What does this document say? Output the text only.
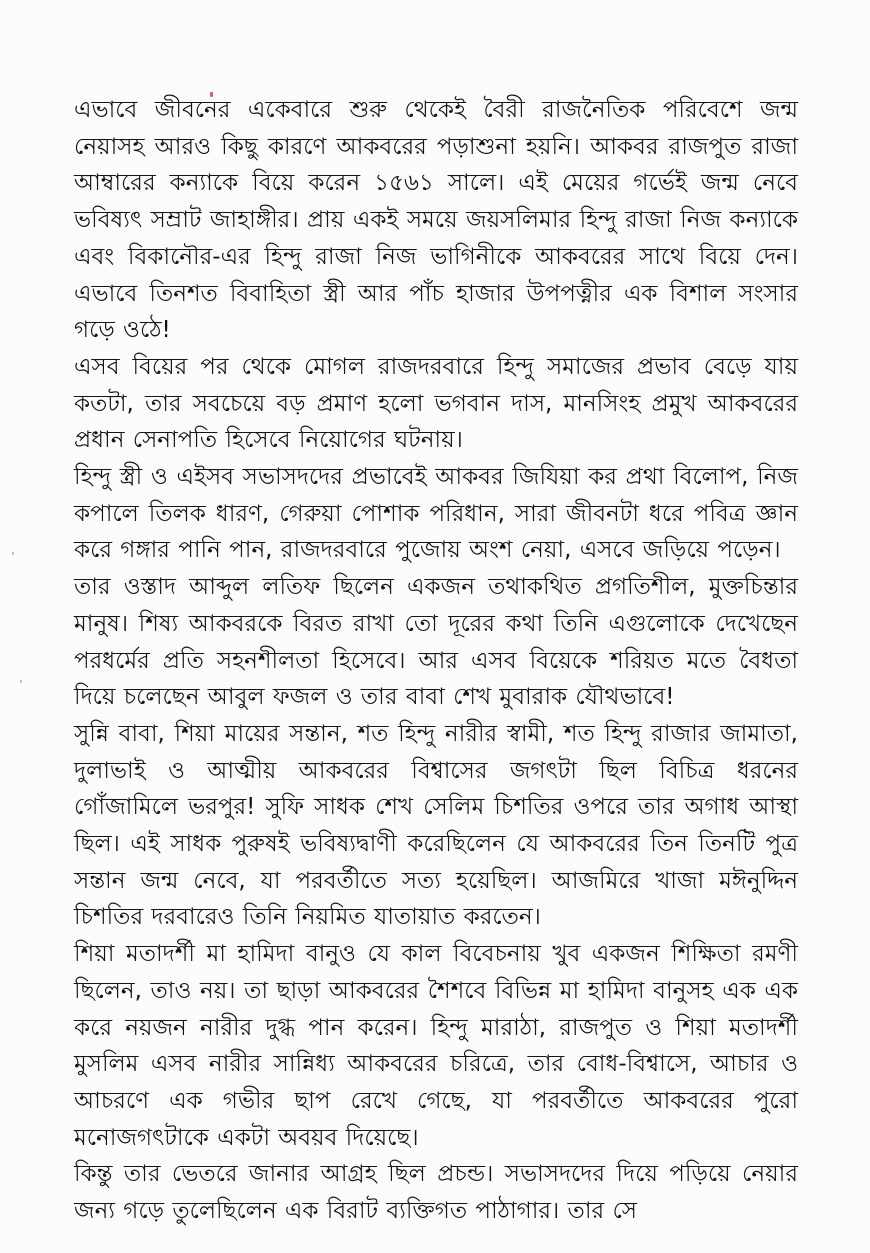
এভাবে জীবনের একেবারে শুরু থেকেই বৈরী রাজনৈতিক পরিবেশে জন্ম নেয়াসহ আরও কিছু কারণে আকবরের পড়াশুনা হয়নি। আকবর রাজপুত রাজা আম্বারের কন্যাকে বিয়ে করেন ১৫৬১ সালে। এই মেয়ের গর্ভেই জন্ম নেবে ভবিষ্যৎ সম্রাট জাহাঙ্গীর। প্রায় একই সময়ে জয়সলিমার হিন্দু রাজা নিজ কন্যাকে এবং বিকানৌর-এর হিন্দু রাজা নিজ ভাগিনীকে আকবরের সাথে বিয়ে দেন। এভাবে তিনশত বিবাহিতা স্ত্রী আর পাঁচ হাজার উপপত্নীর এক বিশাল সংসার গড়ে ওঠে!

এসব বিয়ের পর থেকে মোগল রাজদরবারে হিন্দু সমাজের প্রভাব বেড়ে যায় কতটা, তার সবচেয়ে বড় প্রমাণ হলো ভগবান দাস, মানসিংহ প্রমুখ আকবরের প্রধান সেনাপতি হিসেবে নিয়োগের ঘটনায়।

হিন্দু স্ত্রী ও এইসব সভাসদদের প্রভাবেই আকবর জিযিয়া কর প্রথা বিলোপ, নিজ কপালে তিলক ধারণ, গেরুয়া পোশাক পরিধান, সারা জীবনটা ধরে পবিত্র জ্ঞান করে গঙ্গার পানি পান, রাজদরবারে পুজোয় অংশ নেয়া, এসবে জড়িয়ে পড়েন।

তার ওস্তাদ আব্দুল লতিফ ছিলেন একজন তথাকথিত প্রগতিশীল, মুক্তচিন্তার মানুষ। শিষ্য আকবরকে বিরত রাখা তো দূরের কথা তিনি এগুলোকে দেখেছেন পরধর্মের প্রতি সহনশীলতা হিসেবে। আর এসব বিয়েকে শরিয়ত মতে বৈধতা দিয়ে চলেছেন আবুল ফজল ও তার বাবা শেখ মুবারাক যৌথভাবে!

সুন্নি বাবা, শিয়া মায়ের সন্তান, শত হিন্দু নারীর স্বামী, শত হিন্দু রাজার জামাতা, দুলাভাই ও আত্মীয় আকবরের বিশ্বাসের জগৎটা ছিল বিচিত্র ধরনের গোঁজামিলে ভরপুর! সুফি সাধক শেখ সেলিম চিশতির ওপরে তার অগাধ আস্থা ছিল। এই সাধক পুরুষই ভবিষ্যদ্বাণী করেছিলেন যে আকবরের তিন তিনটি পুত্র সন্তান জন্ম নেবে, যা পরবর্তীতে সত্য হয়েছিল। আজমিরে খাজা মঈনুদ্দিন চিশতির দরবারেও তিনি নিয়মিত যাতায়াত করতেন।

শিয়া মতাদর্শী মা হামিদা বানুও যে কাল বিবেচনায় খুব একজন শিক্ষিতা রমণী ছিলেন, তাও নয়। তা ছাড়া আকবরের শৈশবে বিভিন্ন মা হামিদা বানুসহ এক এক করে নয়জন নারীর দুগ্ধ পান করেন। হিন্দু মারাঠা, রাজপুত ও শিয়া মতাদর্শী মুসলিম এসব নারীর সান্নিধ্য আকবরের চরিত্রে, তার বোধ-বিশ্বাসে, আচার ও আচরণে এক গভীর ছাপ রেখে গেছে, যা পরবর্তীতে আকবরের পুরো মনোজগৎটাকে একটা অবয়ব দিয়েছে।

কিন্তু তার ভেতরে জানার আগ্রহ ছিল প্রচন্ড। সভাসদদের দিয়ে পড়িয়ে নেয়ার জন্য গড়ে তুলেছিলেন এক বিরাট ব্যক্তিগত পাঠাগার। তার সে
